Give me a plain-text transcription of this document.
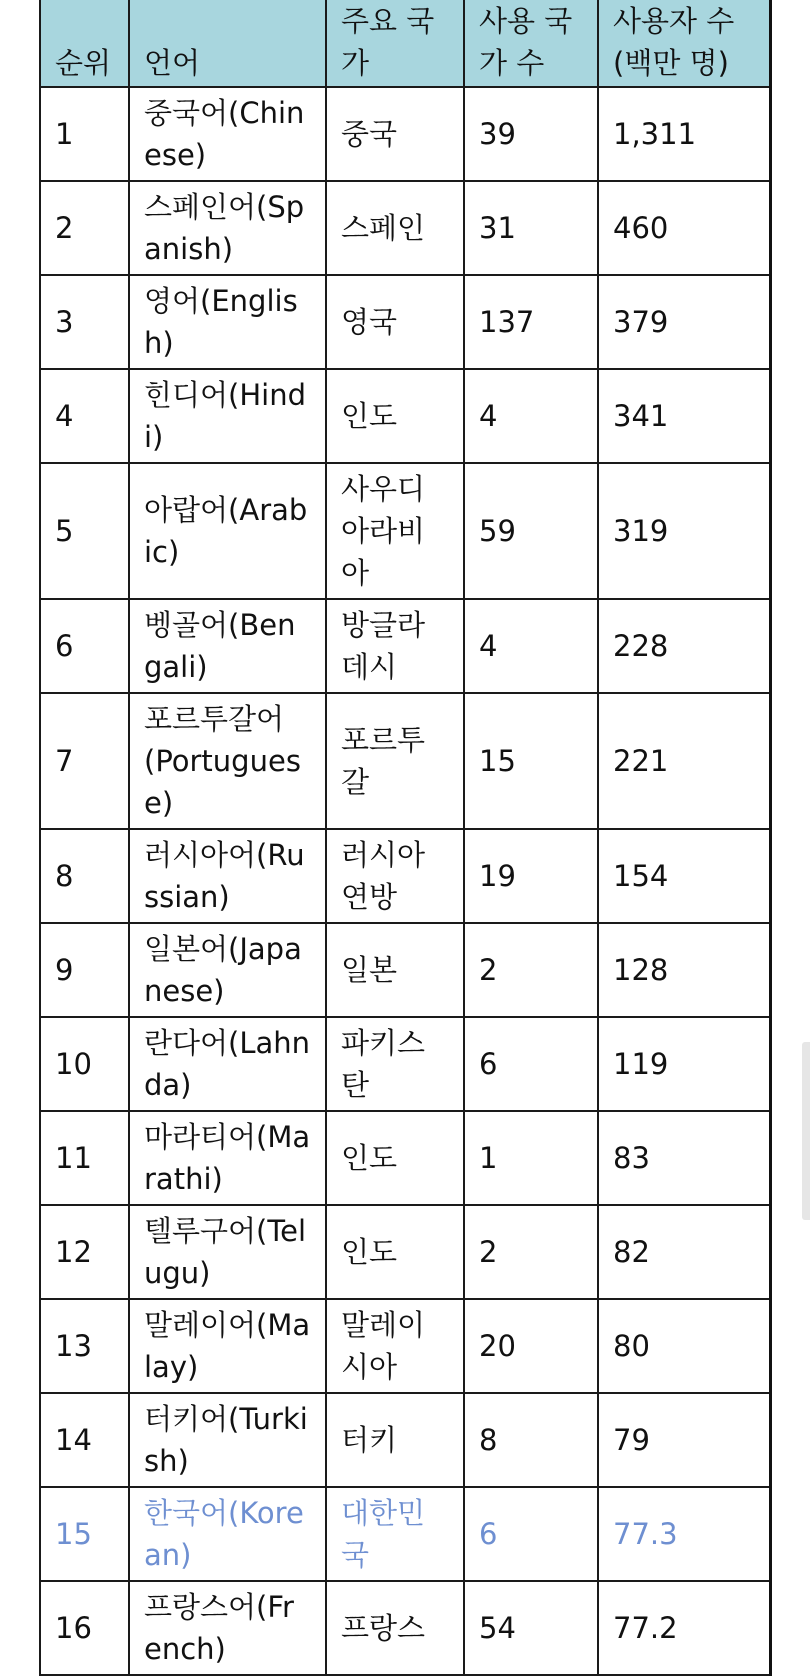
순위	언어	주요 국가	사용 국가 수	사용자 수 (백만 명)
1	중국어(Chinese)	중국	39	1,311
2	스페인어(Spanish)	스페인	31	460
3	영어(English)	영국	137	379
4	힌디어(Hindi)	인도	4	341
5	아랍어(Arabic)	사우디아라비아	59	319
6	벵골어(Bengali)	방글라데시	4	228
7	포르투갈어(Portuguese)	포르투갈	15	221
8	러시아어(Russian)	러시아연방	19	154
9	일본어(Japanese)	일본	2	128
10	란다어(Lahnda)	파키스탄	6	119
11	마라티어(Marathi)	인도	1	83
12	텔루구어(Telugu)	인도	2	82
13	말레이어(Malay)	말레이시아	20	80
14	터키어(Turkish)	터키	8	79
15	한국어(Korean)	대한민국	6	77.3
16	프랑스어(French)	프랑스	54	77.2
